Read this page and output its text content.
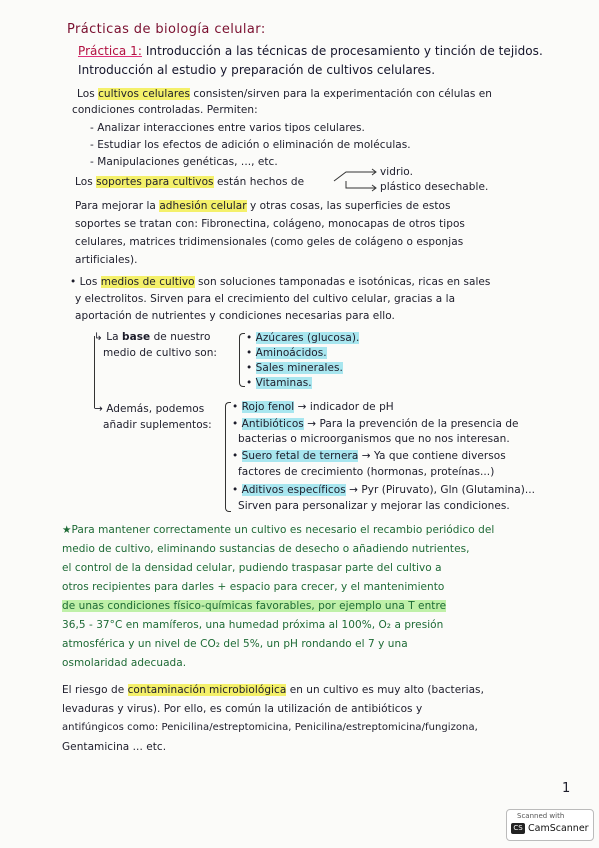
Prácticas de biología celular:
Práctica 1: Introducción a las técnicas de procesamiento y tinción de tejidos.
Introducción al estudio y preparación de cultivos celulares.
Los cultivos celulares consisten/sirven para la experimentación con células en
condiciones controladas. Permiten:
- Analizar interacciones entre varios tipos celulares.
- Estudiar los efectos de adición o eliminación de moléculas.
- Manipulaciones genéticas, ..., etc.
Los soportes para cultivos están hechos de
vidrio.
plástico desechable.
Para mejorar la adhesión celular y otras cosas, las superficies de estos
soportes se tratan con: Fibronectina, colágeno, monocapas de otros tipos
celulares, matrices tridimensionales (como geles de colágeno o esponjas
artificiales).
• Los medios de cultivo son soluciones tamponadas e isotónicas, ricas en sales
y electrolitos. Sirven para el crecimiento del cultivo celular, gracias a la
aportación de nutrientes y condiciones necesarias para ello.
↳ La base de nuestro
medio de cultivo son:
• Azúcares (glucosa).
• Aminoácidos.
• Sales minerales.
• Vitaminas.
→ Además, podemos
añadir suplementos:
• Rojo fenol → indicador de pH
• Antibióticos → Para la prevención de la presencia de
bacterias o microorganismos que no nos interesan.
• Suero fetal de ternera → Ya que contiene diversos
factores de crecimiento (hormonas, proteínas...)
• Aditivos específicos → Pyr (Piruvato), Gln (Glutamina)...
Sirven para personalizar y mejorar las condiciones.
★Para mantener correctamente un cultivo es necesario el recambio periódico del
medio de cultivo, eliminando sustancias de desecho o añadiendo nutrientes,
el control de la densidad celular, pudiendo traspasar parte del cultivo a
otros recipientes para darles + espacio para crecer, y el mantenimiento
de unas condiciones físico-químicas favorables, por ejemplo una T entre
36,5 - 37°C en mamíferos, una humedad próxima al 100%, O₂ a presión
atmosférica y un nivel de CO₂ del 5%, un pH rondando el 7 y una
osmolaridad adecuada.
El riesgo de contaminación microbiológica en un cultivo es muy alto (bacterias,
levaduras y virus). Por ello, es común la utilización de antibióticos y
antifúngicos como: Penicilina/estreptomicina, Penicilina/estreptomicina/fungizona,
Gentamicina ... etc.
1
Scanned with
CS CamScanner
